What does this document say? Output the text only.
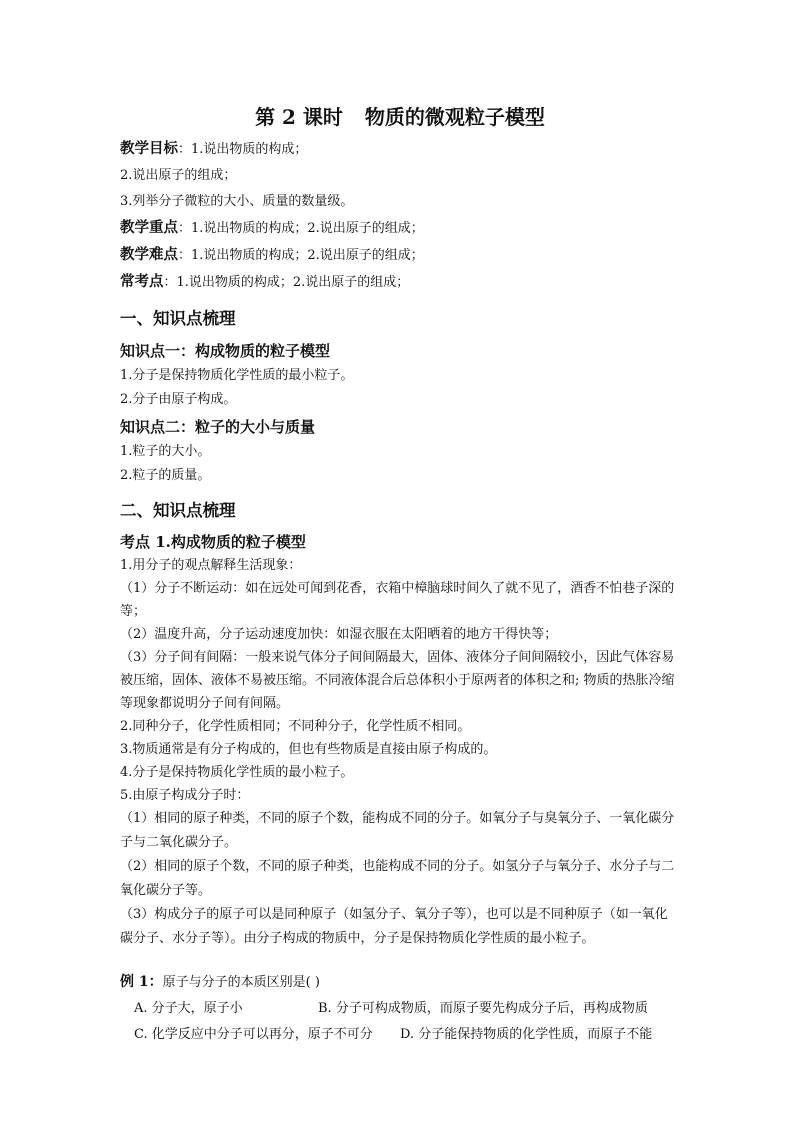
第 2 课时 物质的微观粒子模型
教学目标：1.说出物质的构成；
2.说出原子的组成；
3.列举分子微粒的大小、质量的数量级。
教学重点：1.说出物质的构成；2.说出原子的组成；
教学难点：1.说出物质的构成；2.说出原子的组成；
常考点：1.说出物质的构成；2.说出原子的组成；
一、知识点梳理
知识点一：构成物质的粒子模型
1.分子是保持物质化学性质的最小粒子。
2.分子由原子构成。
知识点二：粒子的大小与质量
1.粒子的大小。
2.粒子的质量。
二、知识点梳理
考点 1.构成物质的粒子模型
1.用分子的观点解释生活现象：
（1）分子不断运动：如在远处可闻到花香，衣箱中樟脑球时间久了就不见了，酒香不怕巷子深的等；
（2）温度升高，分子运动速度加快：如湿衣服在太阳晒着的地方干得快等；
（3）分子间有间隔：一般来说气体分子间间隔最大，固体、液体分子间间隔较小，因此气体容易被压缩，固体、液体不易被压缩。不同液体混合后总体积小于原两者的体积之和; 物质的热胀冷缩等现象都说明分子间有间隔。
2.同种分子，化学性质相同；不同种分子，化学性质不相同。
3.物质通常是有分子构成的，但也有些物质是直接由原子构成的。
4.分子是保持物质化学性质的最小粒子。
5.由原子构成分子时：
（1）相同的原子种类，不同的原子个数，能构成不同的分子。如氧分子与臭氧分子、一氧化碳分子与二氧化碳分子。
（2）相同的原子个数，不同的原子种类，也能构成不同的分子。如氢分子与氧分子、水分子与二氧化碳分子等。
（3）构成分子的原子可以是同种原子（如氢分子、氧分子等），也可以是不同种原子（如一氧化碳分子、水分子等）。由分子构成的物质中，分子是保持物质化学性质的最小粒子。
例 1：原子与分子的本质区别是( )
A. 分子大，原子小	B. 分子可构成物质，而原子要先构成分子后，再构成物质
C. 化学反应中分子可以再分，原子不可分 D. 分子能保持物质的化学性质，而原子不能
